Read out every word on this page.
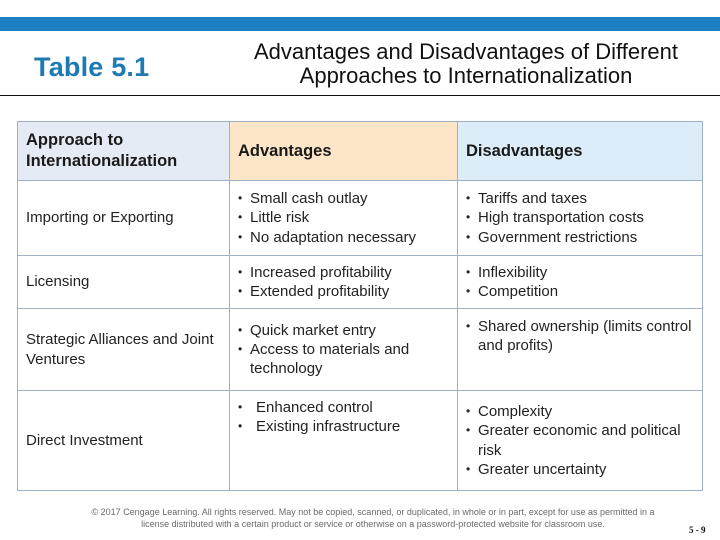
Table 5.1
Advantages and Disadvantages of Different Approaches to Internationalization
Approach to Internationalization	Advantages	Disadvantages
Importing or Exporting	
• Small cash outlay
• Little risk
• No adaptation necessary

• Tariffs and taxes
• High transportation costs
• Government restrictions

Licensing	
• Increased profitability
• Extended profitability

• Inflexibility
• Competition

Strategic Alliances and Joint Ventures	
• Quick market entry
• Access to materials and technology

• Shared ownership (limits control and profits)

Direct Investment	
• Enhanced control
• Existing infrastructure

• Complexity
• Greater economic and political risk
• Greater uncertainty
© 2017 Cengage Learning. All rights reserved. May not be copied, scanned, or duplicated, in whole or in part, except for use as permitted in a license distributed with a certain product or service or otherwise on a password-protected website for classroom use.
5 - 9
